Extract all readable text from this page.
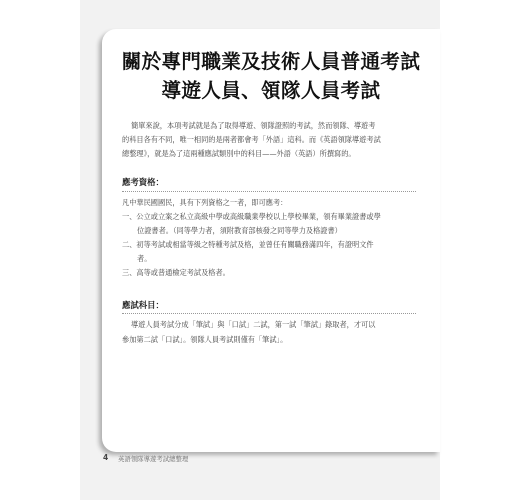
關於專門職業及技術人員普通考試
導遊人員、領隊人員考試
簡單來說，本項考試就是為了取得導遊、領隊證照的考試，然而領隊、導遊考
的科目各有不同，唯一相同的是兩者都會考「外語」這科。而《英語領隊導遊考試
總整理》，就是為了這兩種應試類別中的科目——外語（英語）所撰寫的。
應考資格：
凡中華民國國民，具有下列資格之一者，即可應考：
一、公立或立案之私立高級中學或高級職業學校以上學校畢業，領有畢業證書或學
位證書者。（同等學力者，須附教育部核發之同等學力及格證書）
二、初等考試或相當等級之特種考試及格，並曾任有關職務滿四年，有證明文件
者。
三、高等或普通檢定考試及格者。
應試科目：
導遊人員考試分成「筆試」與「口試」二試，第一試「筆試」錄取者，才可以
參加第二試「口試」。領隊人員考試則僅有「筆試」。
4 英語領隊導遊考試總整理
